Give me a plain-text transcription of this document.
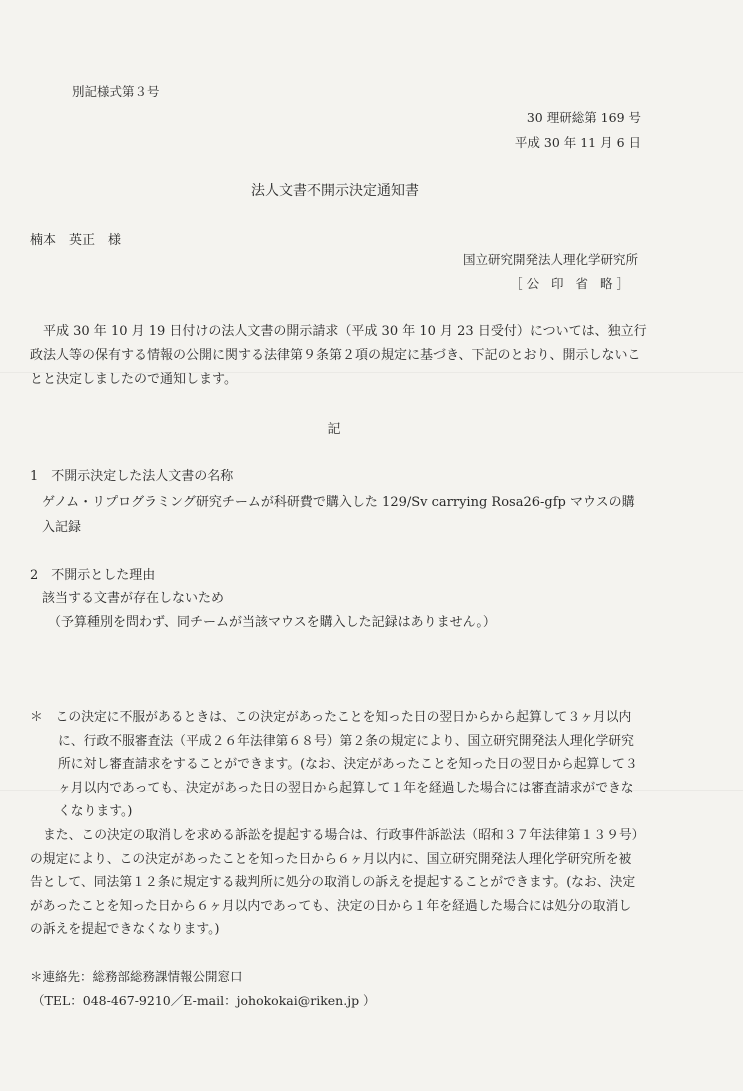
別記様式第３号
30 理研総第 169 号
平成 30 年 11 月 6 日
法人文書不開示決定通知書
楠本　英正　様
国立研究開発法人理化学研究所
［公 印 省 略］
平成 30 年 10 月 19 日付けの法人文書の開示請求（平成 30 年 10 月 23 日受付）については、独立行政法人等の保有する情報の公開に関する法律第９条第２項の規定に基づき、下記のとおり、開示しないことと決定しましたので通知します。
記
1　不開示決定した法人文書の名称
ゲノム・リプログラミング研究チームが科研費で購入した 129/Sv carrying Rosa26-gfp マウスの購入記録
2　不開示とした理由
該当する文書が存在しないため
（予算種別を問わず、同チームが当該マウスを購入した記録はありません。）

＊　この決定に不服があるときは、この決定があったことを知った日の翌日からから起算して３ヶ月以内に、行政不服審査法（平成２６年法律第６８号）第２条の規定により、国立研究開発法人理化学研究所に対し審査請求をすることができます。(なお、決定があったことを知った日の翌日から起算して３ヶ月以内であっても、決定があった日の翌日から起算して１年を経過した場合には審査請求ができなくなります。)

また、この決定の取消しを求める訴訟を提起する場合は、行政事件訴訟法（昭和３７年法律第１３９号）の規定により、この決定があったことを知った日から６ヶ月以内に、国立研究開発法人理化学研究所を被告として、同法第１２条に規定する裁判所に処分の取消しの訴えを提起することができます。(なお、決定があったことを知った日から６ヶ月以内であっても、決定の日から１年を経過した場合には処分の取消しの訴えを提起できなくなります。)

＊連絡先：総務部総務課情報公開窓口
（TEL：048-467-9210／E-mail：johokokai@riken.jp ）
